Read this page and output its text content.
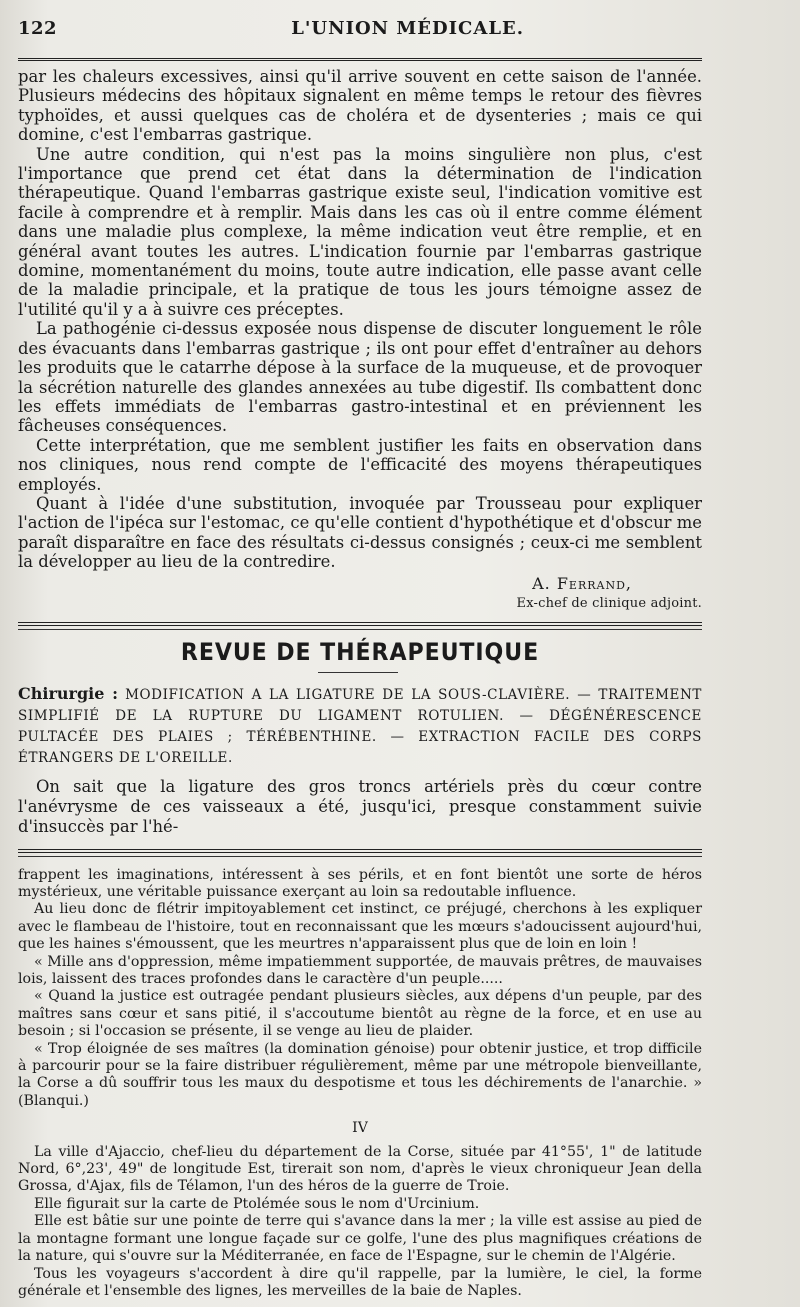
122	L'UNION MÉDICALE.

par les chaleurs excessives, ainsi qu'il arrive souvent en cette saison de l'année. Plusieurs médecins des hôpitaux signalent en même temps le retour des fièvres typhoïdes, et aussi quelques cas de choléra et de dysenteries ; mais ce qui domine, c'est l'embarras gastrique.

Une autre condition, qui n'est pas la moins singulière non plus, c'est l'importance que prend cet état dans la détermination de l'indication thérapeutique. Quand l'embarras gastrique existe seul, l'indication vomitive est facile à comprendre et à remplir. Mais dans les cas où il entre comme élément dans une maladie plus complexe, la même indication veut être remplie, et en général avant toutes les autres. L'indication fournie par l'embarras gastrique domine, momentanément du moins, toute autre indication, elle passe avant celle de la maladie principale, et la pratique de tous les jours témoigne assez de l'utilité qu'il y a à suivre ces préceptes.

La pathogénie ci-dessus exposée nous dispense de discuter longuement le rôle des évacuants dans l'embarras gastrique ; ils ont pour effet d'entraîner au dehors les produits que le catarrhe dépose à la surface de la muqueuse, et de provoquer la sécrétion naturelle des glandes annexées au tube digestif. Ils combattent donc les effets immédiats de l'embarras gastro-intestinal et en préviennent les fâcheuses conséquences.

Cette interprétation, que me semblent justifier les faits en observation dans nos cliniques, nous rend compte de l'efficacité des moyens thérapeutiques employés.

Quant à l'idée d'une substitution, invoquée par Trousseau pour expliquer l'action de l'ipéca sur l'estomac, ce qu'elle contient d'hypothétique et d'obscur me paraît disparaître en face des résultats ci-dessus consignés ; ceux-ci me semblent la développer au lieu de la contredire.

A. Ferrand,
Ex-chef de clinique adjoint.
REVUE DE THÉRAPEUTIQUE
Chirurgie : MODIFICATION A LA LIGATURE DE LA SOUS-CLAVIÈRE. — TRAITEMENT SIMPLIFIÉ DE LA RUPTURE DU LIGAMENT ROTULIEN. — DÉGÉNÉRESCENCE PULTACÉE DES PLAIES ; TÉRÉBENTHINE. — EXTRACTION FACILE DES CORPS ÉTRANGERS DE L'OREILLE.

On sait que la ligature des gros troncs artériels près du cœur contre l'anévrysme de ces vaisseaux a été, jusqu'ici, presque constamment suivie d'insuccès par l'hé-

frappent les imaginations, intéressent à ses périls, et en font bientôt une sorte de héros mystérieux, une véritable puissance exerçant au loin sa redoutable influence.

Au lieu donc de flétrir impitoyablement cet instinct, ce préjugé, cherchons à les expliquer avec le flambeau de l'histoire, tout en reconnaissant que les mœurs s'adoucissent aujourd'hui, que les haines s'émoussent, que les meurtres n'apparaissent plus que de loin en loin !

« Mille ans d'oppression, même impatiemment supportée, de mauvais prêtres, de mauvaises lois, laissent des traces profondes dans le caractère d'un peuple.....

« Quand la justice est outragée pendant plusieurs siècles, aux dépens d'un peuple, par des maîtres sans cœur et sans pitié, il s'accoutume bientôt au règne de la force, et en use au besoin ; si l'occasion se présente, il se venge au lieu de plaider.

« Trop éloignée de ses maîtres (la domination génoise) pour obtenir justice, et trop difficile à parcourir pour se la faire distribuer régulièrement, même par une métropole bienveillante, la Corse a dû souffrir tous les maux du despotisme et tous les déchirements de l'anarchie. » (Blanqui.)

IV

La ville d'Ajaccio, chef-lieu du département de la Corse, située par 41°55', 1" de latitude Nord, 6°,23', 49" de longitude Est, tirerait son nom, d'après le vieux chroniqueur Jean della Grossa, d'Ajax, fils de Télamon, l'un des héros de la guerre de Troie.

Elle figurait sur la carte de Ptolémée sous le nom d'Urcinium.

Elle est bâtie sur une pointe de terre qui s'avance dans la mer ; la ville est assise au pied de la montagne formant une longue façade sur ce golfe, l'une des plus magnifiques créations de la nature, qui s'ouvre sur la Méditerranée, en face de l'Espagne, sur le chemin de l'Algérie.

Tous les voyageurs s'accordent à dire qu'il rappelle, par la lumière, le ciel, la forme générale et l'ensemble des lignes, les merveilles de la baie de Naples.
